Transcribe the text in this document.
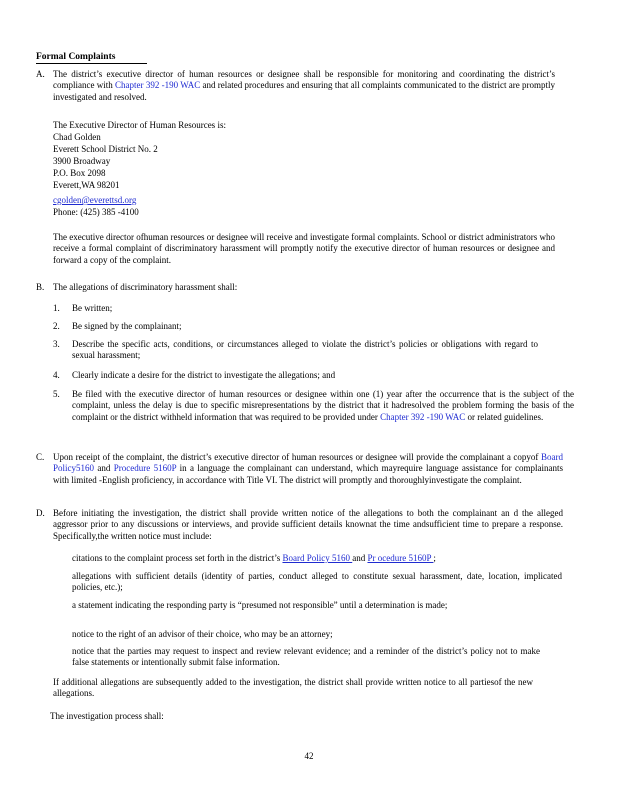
Formal Complaints
A. The district’s executive director of human resources or designee shall be responsible for monitoring and coordinating the district’s compliance with Chapter 392 -190 WAC and related procedures and ensuring that all complaints communicated to the district are promptly investigated and resolved.
The Executive Director of Human Resources is:
Chad Golden
Everett School District No. 2
3900 Broadway
P.O. Box 2098
Everett,WA 98201
cgolden@everettsd.org
Phone: (425) 385 -4100
The executive director ofhuman resources or designee will receive and investigate formal complaints. School or district administrators who receive a formal complaint of discriminatory harassment will promptly notify the executive director of human resources or designee and forward a copy of the complaint.
B. The allegations of discriminatory harassment shall:
1. Be written;
2. Be signed by the complainant;
3. Describe the specific acts, conditions, or circumstances alleged to violate the district’s policies or obligations with regard to sexual harassment;
4. Clearly indicate a desire for the district to investigate the allegations; and
5. Be filed with the executive director of human resources or designee within one (1) year after the occurrence that is the subject of the complaint, unless the delay is due to specific misrepresentations by the district that it hadresolved the problem forming the basis of the complaint or the district withheld information that was required to be provided under Chapter 392 -190 WAC or related guidelines.
C. Upon receipt of the complaint, the district’s executive director of human resources or designee will provide the complainant a copyof Board Policy5160 and Procedure 5160P in a language the complainant can understand, which mayrequire language assistance for complainants with limited -English proficiency, in accordance with Title VI. The district will promptly and thoroughlyinvestigate the complaint.
D. Before initiating the investigation, the district shall provide written notice of the allegations to both the complainant an d the alleged aggressor prior to any discussions or interviews, and provide sufficient details knownat the time andsufficient time to prepare a response. Specifically,the written notice must include:
citations to the complaint process set forth in the district’s Board Policy 5160 and Pr ocedure 5160P ;
allegations with sufficient details (identity of parties, conduct alleged to constitute sexual harassment, date, location, implicated policies, etc.);
a statement indicating the responding party is “presumed not responsible” until a determination is made;
notice to the right of an advisor of their choice, who may be an attorney;
notice that the parties may request to inspect and review relevant evidence; and a reminder of the district’s policy not to make false statements or intentionally submit false information.
If additional allegations are subsequently added to the investigation, the district shall provide written notice to all partiesof the new allegations.
The investigation process shall:
42
